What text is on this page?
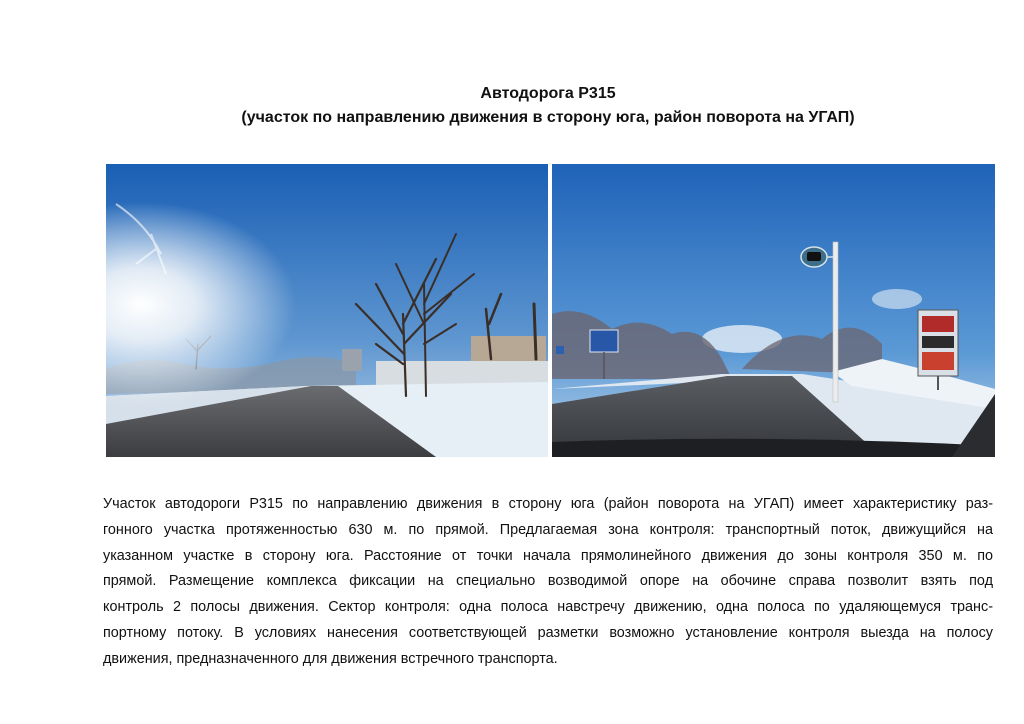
Автодорога Р315
(участок по направлению движения в сторону юга, район поворота на УГАП)
Участок автодороги Р315 по направлению движения в сторону юга (район поворота на УГАП) имеет характеристику раз-
гонного участка протяженностью 630 м. по прямой. Предлагаемая зона контроля: транспортный поток, движущийся на
указанном участке в сторону юга. Расстояние от точки начала прямолинейного движения до зоны контроля 350 м. по
прямой. Размещение комплекса фиксации на специально возводимой опоре на обочине справа позволит взять под
контроль 2 полосы движения. Сектор контроля: одна полоса навстречу движению, одна полоса по удаляющемуся транс-
портному потоку. В условиях нанесения соответствующей разметки возможно установление контроля выезда на полосу
движения, предназначенного для движения встречного транспорта.
